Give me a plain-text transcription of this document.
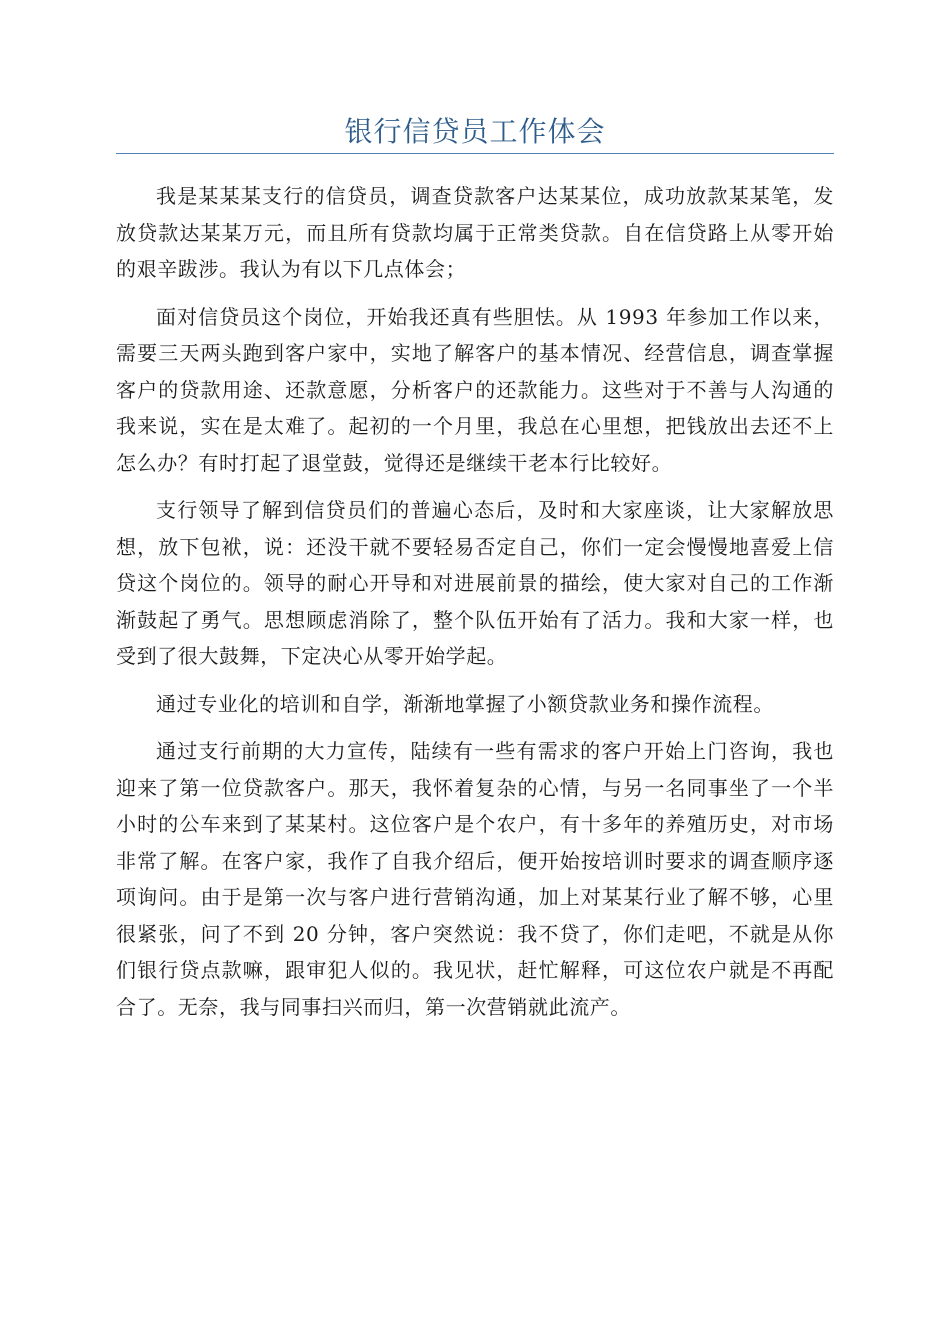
银行信贷员工作体会

我是某某某支行的信贷员，调查贷款客户达某某位，成功放款某某笔，发放贷款达某某万元，而且所有贷款均属于正常类贷款。自在信贷路上从零开始的艰辛跋涉。我认为有以下几点体会；

面对信贷员这个岗位，开始我还真有些胆怯。从 1993 年参加工作以来，需要三天两头跑到客户家中，实地了解客户的基本情况、经营信息，调查掌握客户的贷款用途、还款意愿，分析客户的还款能力。这些对于不善与人沟通的我来说，实在是太难了。起初的一个月里，我总在心里想，把钱放出去还不上怎么办？有时打起了退堂鼓，觉得还是继续干老本行比较好。

支行领导了解到信贷员们的普遍心态后，及时和大家座谈，让大家解放思想，放下包袱，说：还没干就不要轻易否定自己，你们一定会慢慢地喜爱上信贷这个岗位的。领导的耐心开导和对进展前景的描绘，使大家对自己的工作渐渐鼓起了勇气。思想顾虑消除了，整个队伍开始有了活力。我和大家一样，也受到了很大鼓舞，下定决心从零开始学起。

通过专业化的培训和自学，渐渐地掌握了小额贷款业务和操作流程。

通过支行前期的大力宣传，陆续有一些有需求的客户开始上门咨询，我也迎来了第一位贷款客户。那天，我怀着复杂的心情，与另一名同事坐了一个半小时的公车来到了某某村。这位客户是个农户，有十多年的养殖历史，对市场非常了解。在客户家，我作了自我介绍后，便开始按培训时要求的调查顺序逐项询问。由于是第一次与客户进行营销沟通，加上对某某行业了解不够，心里很紧张，问了不到 20 分钟，客户突然说：我不贷了，你们走吧，不就是从你们银行贷点款嘛，跟审犯人似的。我见状，赶忙解释，可这位农户就是不再配合了。无奈，我与同事扫兴而归，第一次营销就此流产。
